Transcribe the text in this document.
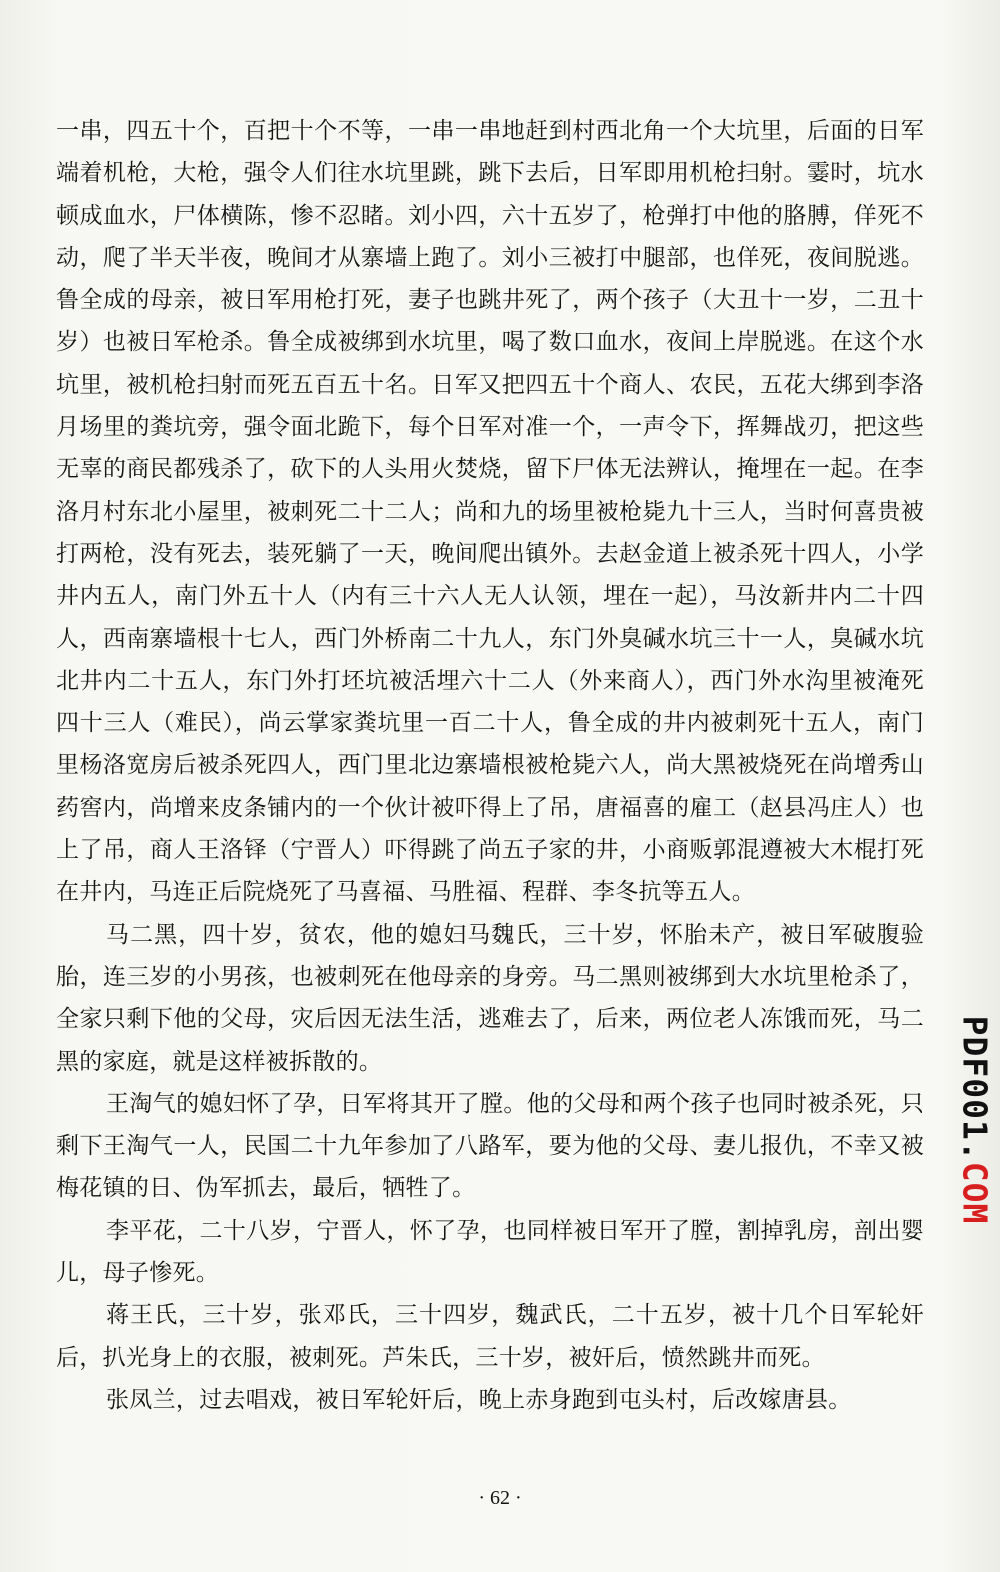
一串，四五十个，百把十个不等，一串一串地赶到村西北角一个大坑里，后面的日军端着机枪，大枪，强令人们往水坑里跳，跳下去后，日军即用机枪扫射。霎时，坑水顿成血水，尸体横陈，惨不忍睹。刘小四，六十五岁了，枪弹打中他的胳膊，佯死不动，爬了半天半夜，晚间才从寨墙上跑了。刘小三被打中腿部，也佯死，夜间脱逃。鲁全成的母亲，被日军用枪打死，妻子也跳井死了，两个孩子（大丑十一岁，二丑十岁）也被日军枪杀。鲁全成被绑到水坑里，喝了数口血水，夜间上岸脱逃。在这个水坑里，被机枪扫射而死五百五十名。日军又把四五十个商人、农民，五花大绑到李洛月场里的粪坑旁，强令面北跪下，每个日军对准一个，一声令下，挥舞战刃，把这些无辜的商民都残杀了，砍下的人头用火焚烧，留下尸体无法辨认，掩埋在一起。在李洛月村东北小屋里，被刺死二十二人；尚和九的场里被枪毙九十三人，当时何喜贵被打两枪，没有死去，装死躺了一天，晚间爬出镇外。去赵金道上被杀死十四人，小学井内五人，南门外五十人（内有三十六人无人认领，埋在一起），马汝新井内二十四人，西南寨墙根十七人，西门外桥南二十九人，东门外臭碱水坑三十一人，臭碱水坑北井内二十五人，东门外打坯坑被活埋六十二人（外来商人），西门外水沟里被淹死四十三人（难民），尚云掌家粪坑里一百二十人，鲁全成的井内被刺死十五人，南门里杨洛宽房后被杀死四人，西门里北边寨墙根被枪毙六人，尚大黑被烧死在尚增秀山药窖内，尚增来皮条铺内的一个伙计被吓得上了吊，唐福喜的雇工（赵县冯庄人）也上了吊，商人王洛铎（宁晋人）吓得跳了尚五子家的井，小商贩郭混遵被大木棍打死在井内，马连正后院烧死了马喜福、马胜福、程群、李冬抗等五人。

马二黑，四十岁，贫农，他的媳妇马魏氏，三十岁，怀胎未产，被日军破腹验胎，连三岁的小男孩，也被刺死在他母亲的身旁。马二黑则被绑到大水坑里枪杀了，全家只剩下他的父母，灾后因无法生活，逃难去了，后来，两位老人冻饿而死，马二黑的家庭，就是这样被拆散的。

王淘气的媳妇怀了孕，日军将其开了膛。他的父母和两个孩子也同时被杀死，只剩下王淘气一人，民国二十九年参加了八路军，要为他的父母、妻儿报仇，不幸又被梅花镇的日、伪军抓去，最后，牺牲了。

李平花，二十八岁，宁晋人，怀了孕，也同样被日军开了膛，割掉乳房，剖出婴儿，母子惨死。

蒋王氏，三十岁，张邓氏，三十四岁，魏武氏，二十五岁，被十几个日军轮奸后，扒光身上的衣服，被刺死。芦朱氏，三十岁，被奸后，愤然跳井而死。

张凤兰，过去唱戏，被日军轮奸后，晚上赤身跑到屯头村，后改嫁唐县。

· 62 ·
PDF001.COM
